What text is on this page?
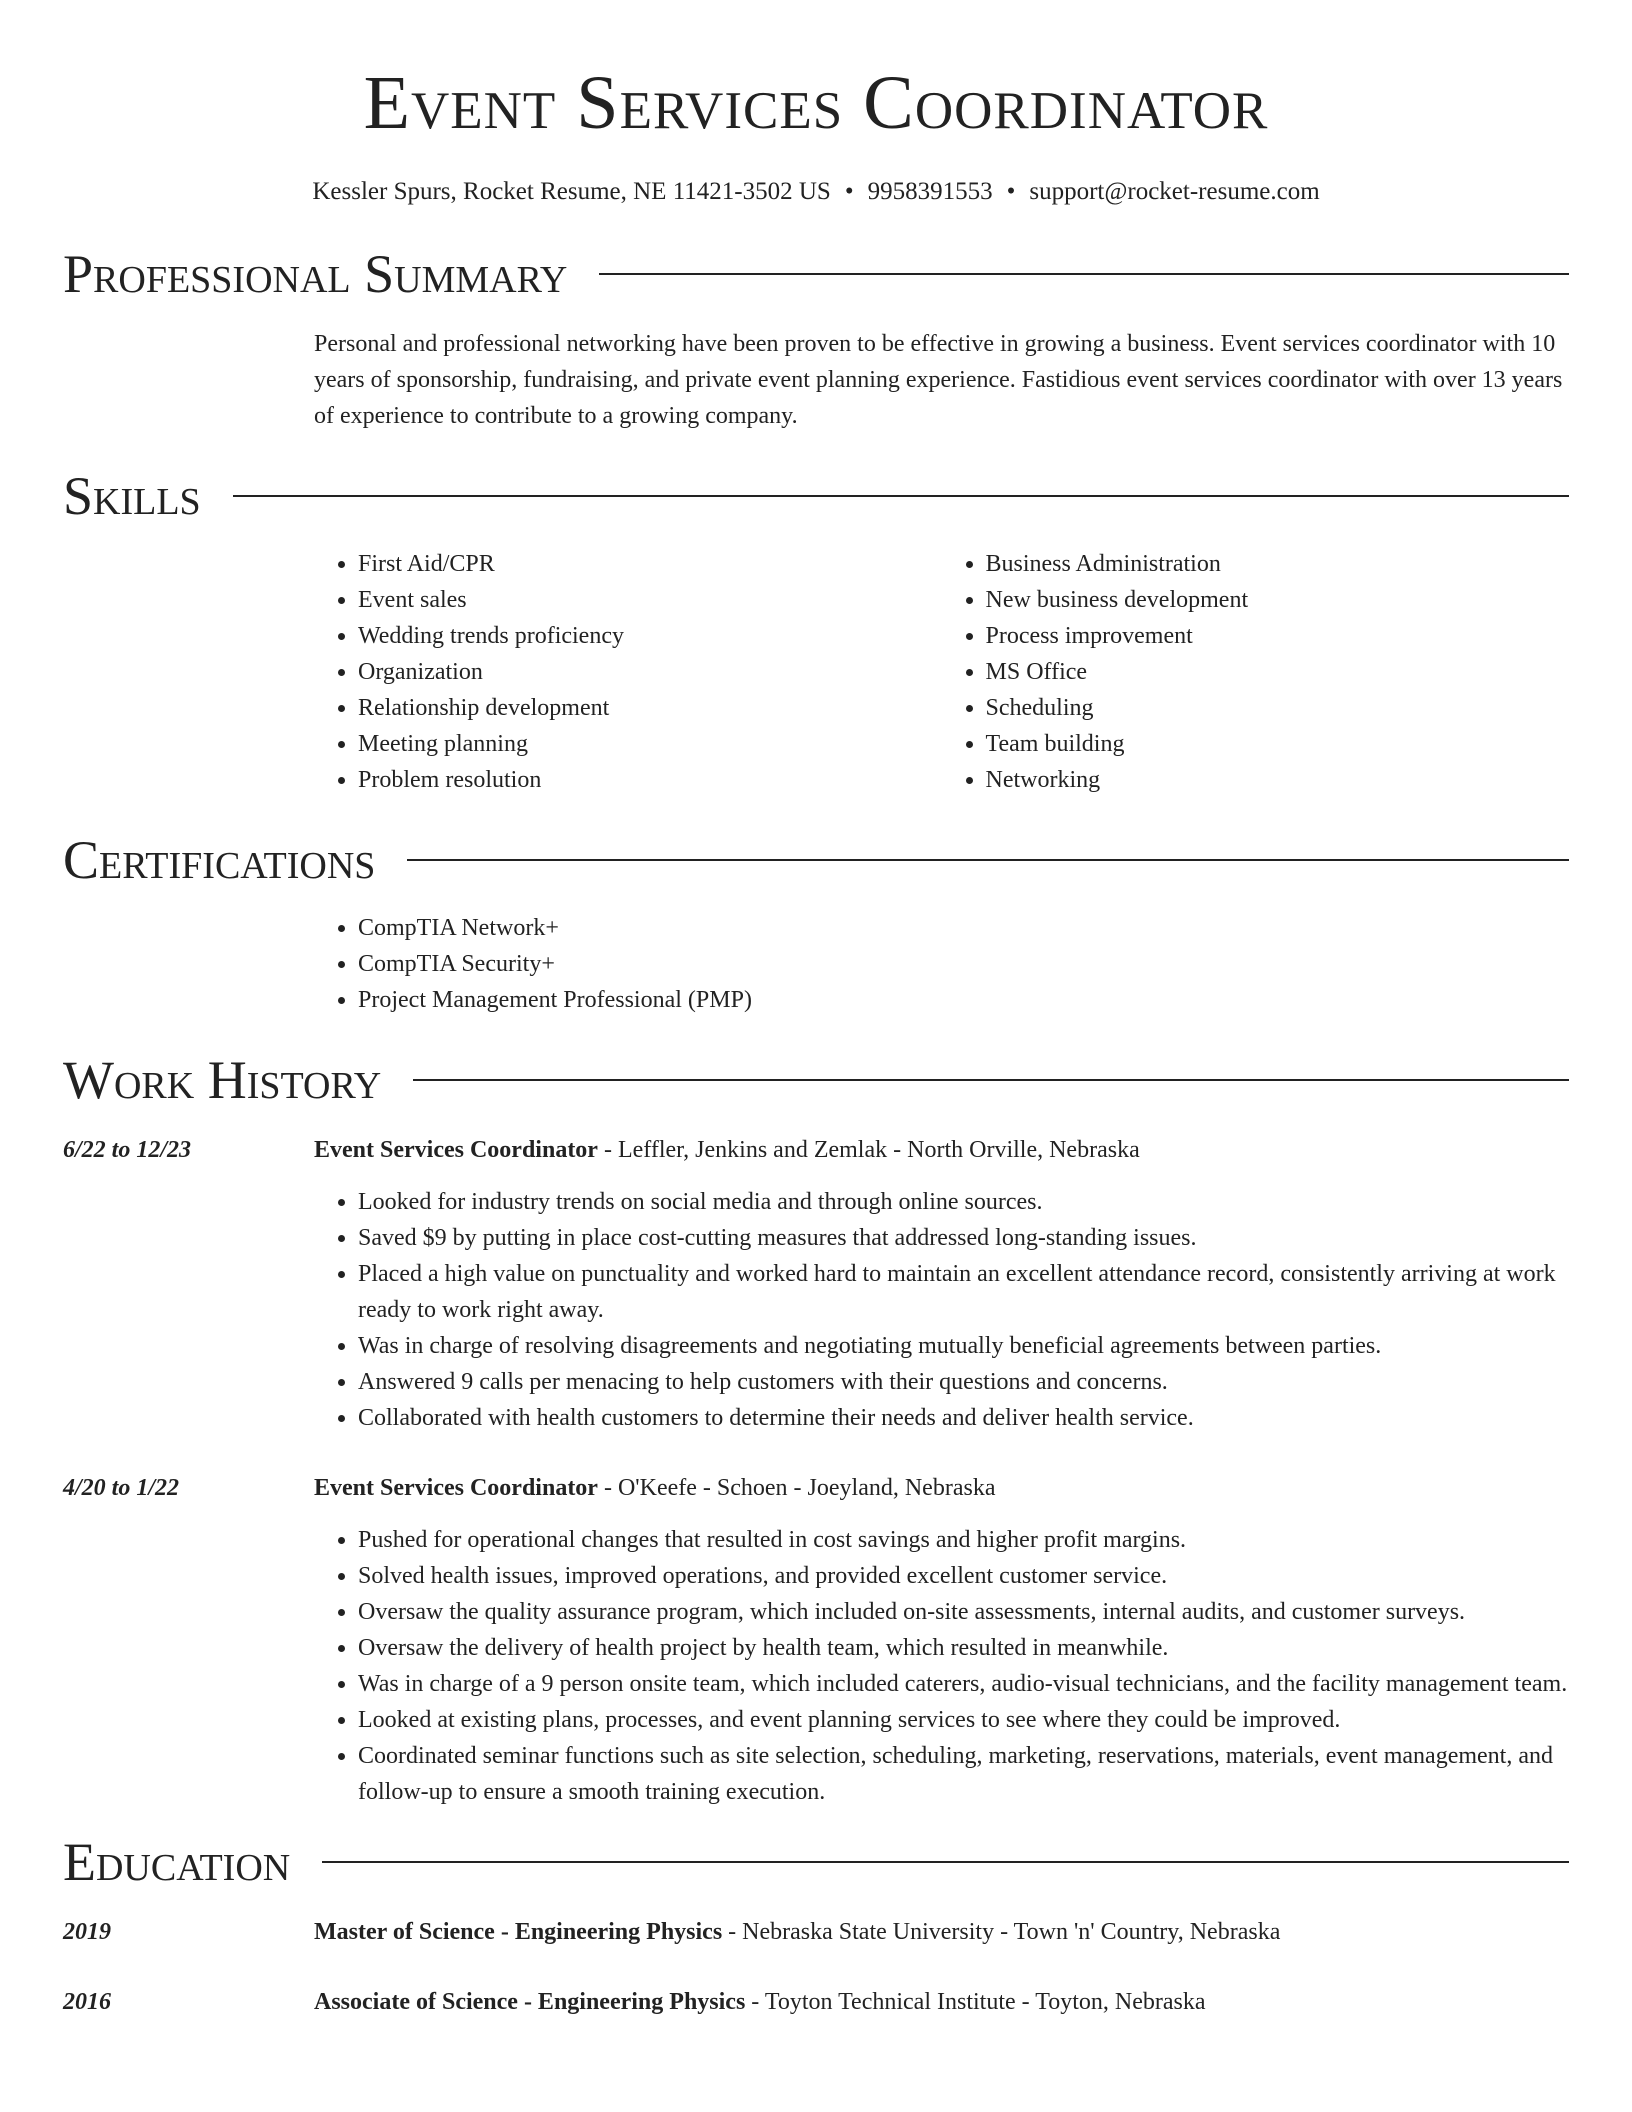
Event Services Coordinator
Kessler Spurs, Rocket Resume, NE 11421-3502 US • 9958391553 • support@rocket-resume.com
Professional Summary

Personal and professional networking have been proven to be effective in growing a business. Event services coordinator with 10 years of sponsorship, fundraising, and private event planning experience. Fastidious event services coordinator with over 13 years of experience to contribute to a growing company.

Skills
• First Aid/CPR
• Event sales
• Wedding trends proficiency
• Organization
• Relationship development
• Meeting planning
• Problem resolution
• Business Administration
• New business development
• Process improvement
• MS Office
• Scheduling
• Team building
• Networking
Certifications
• CompTIA Network+
• CompTIA Security+
• Project Management Professional (PMP)
Work History
6/22 to 12/23	Event Services Coordinator - Leffler, Jenkins and Zemlak - North Orville, Nebraska
• Looked for industry trends on social media and through online sources.
• Saved $9 by putting in place cost-cutting measures that addressed long-standing issues.
• Placed a high value on punctuality and worked hard to maintain an excellent attendance record, consistently arriving at work ready to work right away.
• Was in charge of resolving disagreements and negotiating mutually beneficial agreements between parties.
• Answered 9 calls per menacing to help customers with their questions and concerns.
• Collaborated with health customers to determine their needs and deliver health service.
4/20 to 1/22	Event Services Coordinator - O'Keefe - Schoen - Joeyland, Nebraska
• Pushed for operational changes that resulted in cost savings and higher profit margins.
• Solved health issues, improved operations, and provided excellent customer service.
• Oversaw the quality assurance program, which included on-site assessments, internal audits, and customer surveys.
• Oversaw the delivery of health project by health team, which resulted in meanwhile.
• Was in charge of a 9 person onsite team, which included caterers, audio-visual technicians, and the facility management team.
• Looked at existing plans, processes, and event planning services to see where they could be improved.
• Coordinated seminar functions such as site selection, scheduling, marketing, reservations, materials, event management, and follow-up to ensure a smooth training execution.
Education
2019	Master of Science - Engineering Physics - Nebraska State University - Town 'n' Country, Nebraska
2016	Associate of Science - Engineering Physics - Toyton Technical Institute - Toyton, Nebraska
